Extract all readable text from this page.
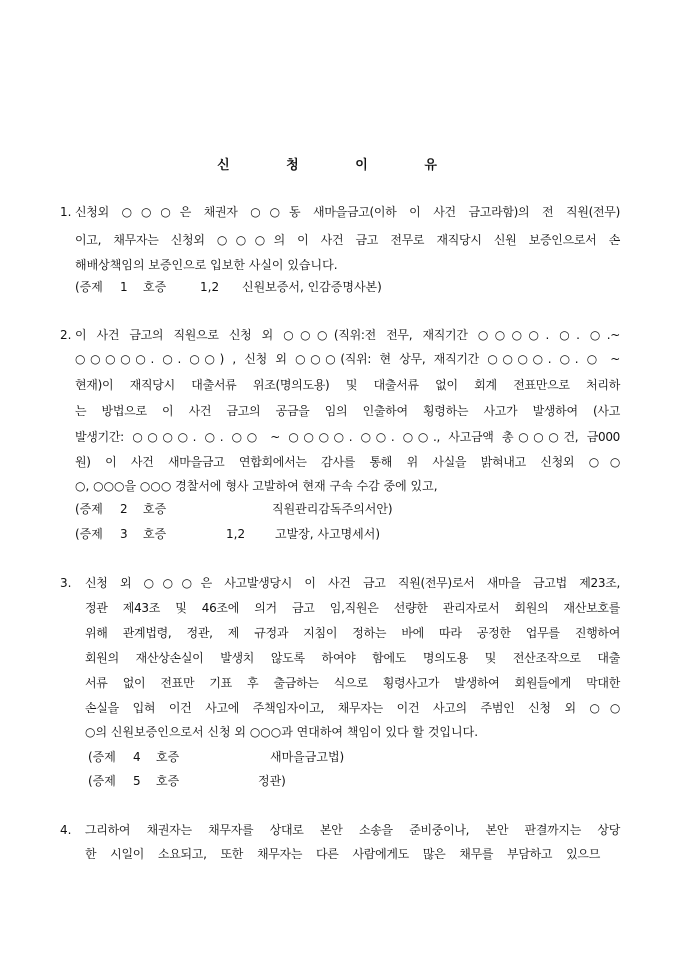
신 청 이 유
1. 신청외 ○○○은 채권자 ○○동 새마을금고(이하 이 사건 금고라함)의 전 직원(전무)
이고, 채무자는 신청외 ○○○의 이 사건 금고 전무로 재직당시 신원 보증인으로서 손
해배상책임의 보증인으로 입보한 사실이 있습니다.
(증제 1 호증	1,2 신원보증서, 인감증명사본)
2. 이 사건 금고의 직원으로 신청 외 ○○○(직위:전 전무, 재직기간 ○○○○. ○. ○.~
○○○○○. ○. ○○) , 신청 외 ○○○(직위: 현 상무, 재직기간 ○○○○. ○. ○ ~
현재)이 재직당시 대출서류 위조(명의도용) 및 대출서류 없이 회계 전표만으로 처리하
는 방법으로 이 사건 금고의 공금을 임의 인출하여 횡령하는 사고가 발생하여 (사고
발생기간: ○○○○. ○. ○○ ~ ○○○○. ○○. ○○., 사고금액 총○○○건, 금000
원) 이 사건 새마을금고 연합회에서는 감사를 통해 위 사실을 밝혀내고 신청외 ○○
○, ○○○을 ○○○ 경찰서에 형사 고발하여 현재 구속 수감 중에 있고,
(증제 2 호증	직원관리감독주의서안)
(증제 3 호증	1,2 고발장, 사고명세서)
3. 신청 외 ○○○은 사고발생당시 이 사건 금고 직원(전무)로서 새마을 금고법 제23조,
정관 제43조 및 46조에 의거 금고 임,직원은 선량한 관리자로서 회원의 재산보호를
위해 관계법령, 정관, 제 규정과 지침이 정하는 바에 따라 공정한 업무를 진행하여
회원의 재산상손실이 발생치 않도록 하여야 함에도 명의도용 및 전산조작으로 대출
서류 없이 전표만 기표 후 출금하는 식으로 횡령사고가 발생하여 회원들에게 막대한
손실을 입혀 이건 사고에 주책임자이고, 채무자는 이건 사고의 주범인 신청 외 ○○
○의 신원보증인으로서 신청 외 ○○○과 연대하여 책임이 있다 할 것입니다.
(증제 4 호증	새마을금고법)
(증제 5 호증	정관)
4. 그리하여 채권자는 채무자를 상대로 본안 소송을 준비중이나, 본안 판결까지는 상당
한 시일이 소요되고, 또한 채무자는 다른 사람에게도 많은 채무를 부담하고 있으므
